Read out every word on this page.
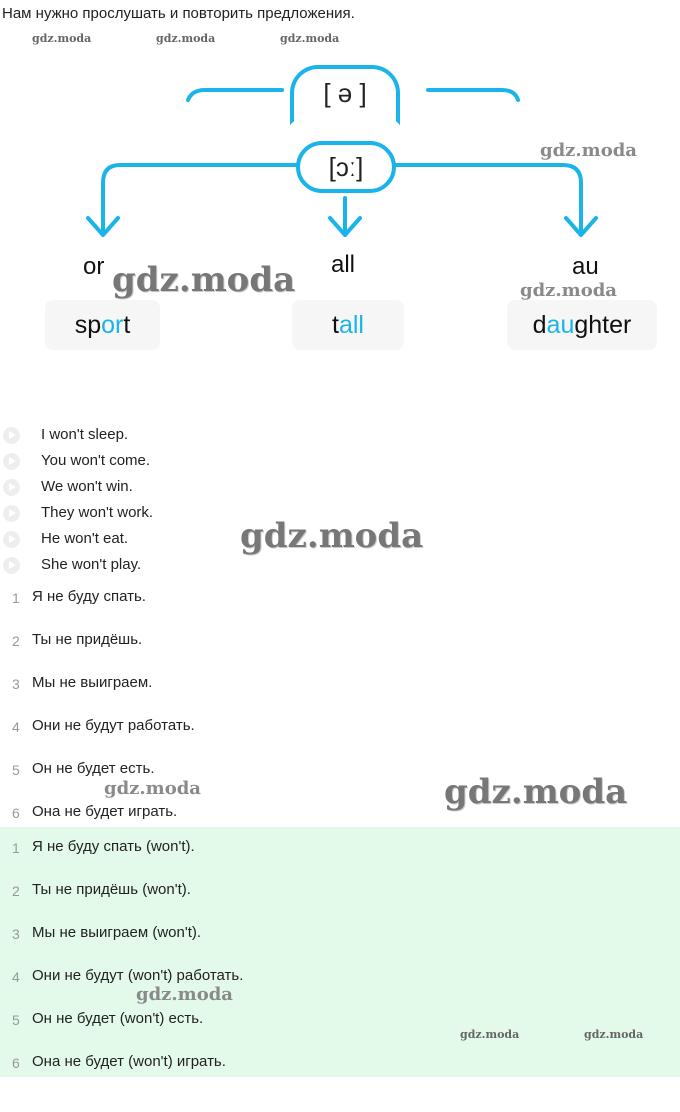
Нам нужно прослушать и повторить предложения.
[ ə ]
[ɔː]
or	all	au
sport	tall	daughter
I won't sleep.
You won't come.
We won't win.
They won't work.
He won't eat.
She won't play.
1 Я не буду спать.
2 Ты не придёшь.
3 Мы не выиграем.
4 Они не будут работать.
5 Он не будет есть.
6 Она не будет играть.
1 Я не буду спать (won't).
2 Ты не придёшь (won't).
3 Мы не выиграем (won't).
4 Они не будут (won't) работать.
5 Он не будет (won't) есть.
6 Она не будет (won't) играть.
gdz.moda	gdz.moda	gdz.moda
gdz.moda
gdz.moda	gdz.moda
gdz.moda
gdz.moda	gdz.moda
gdz.moda
gdz.moda	gdz.moda
